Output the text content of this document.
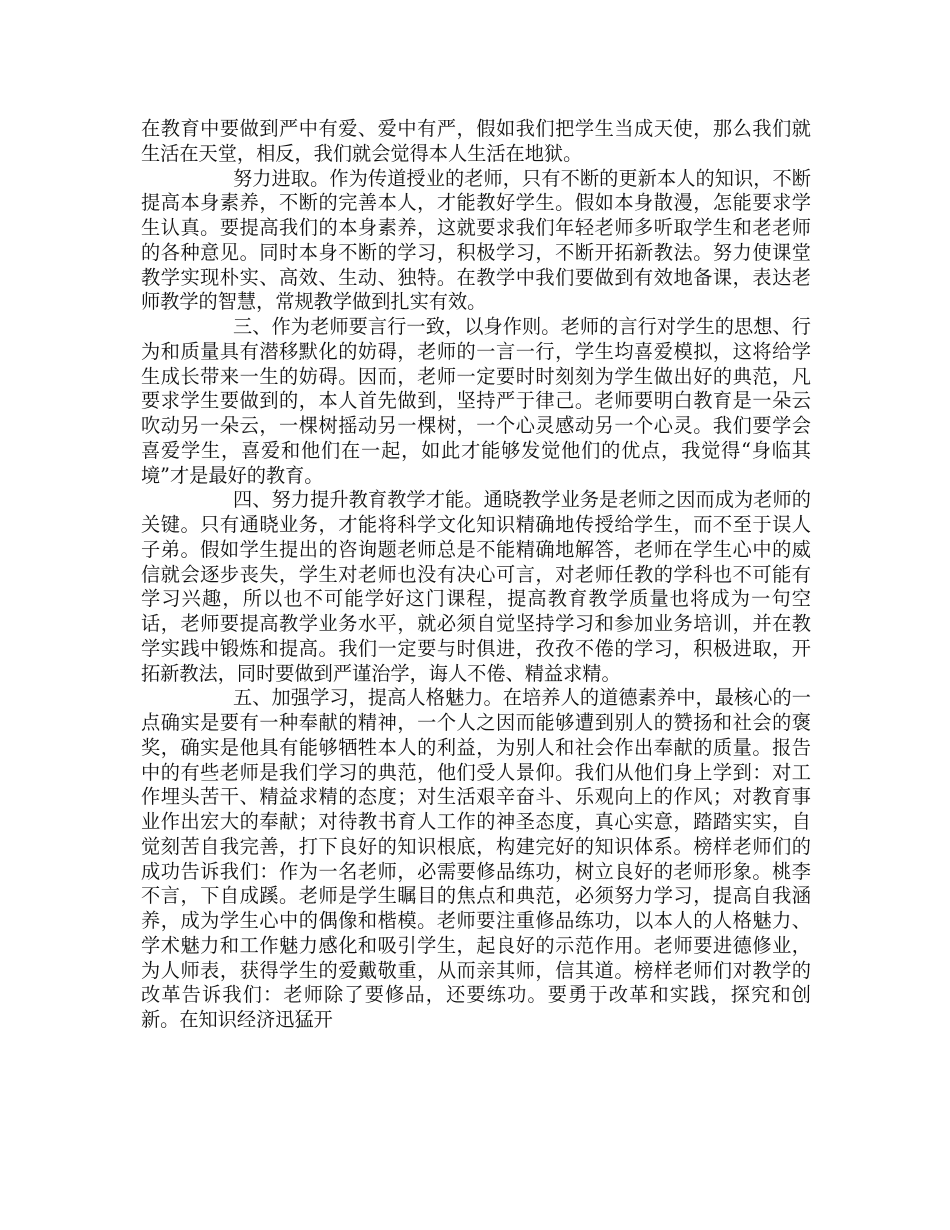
在教育中要做到严中有爱、爱中有严，假如我们把学生当成天使，那么我们就生活在天堂，相反，我们就会觉得本人生活在地狱。

努力进取。作为传道授业的老师，只有不断的更新本人的知识，不断提高本身素养，不断的完善本人，才能教好学生。假如本身散漫，怎能要求学生认真。要提高我们的本身素养，这就要求我们年轻老师多听取学生和老老师的各种意见。同时本身不断的学习，积极学习，不断开拓新教法。努力使课堂教学实现朴实、高效、生动、独特。在教学中我们要做到有效地备课，表达老师教学的智慧，常规教学做到扎实有效。

三、作为老师要言行一致，以身作则。老师的言行对学生的思想、行为和质量具有潜移默化的妨碍，老师的一言一行，学生均喜爱模拟，这将给学生成长带来一生的妨碍。因而，老师一定要时时刻刻为学生做出好的典范，凡要求学生要做到的，本人首先做到，坚持严于律己。老师要明白教育是一朵云吹动另一朵云，一棵树摇动另一棵树，一个心灵感动另一个心灵。我们要学会喜爱学生，喜爱和他们在一起，如此才能够发觉他们的优点，我觉得“身临其境”才是最好的教育。

四、努力提升教育教学才能。通晓教学业务是老师之因而成为老师的关键。只有通晓业务，才能将科学文化知识精确地传授给学生，而不至于误人子弟。假如学生提出的咨询题老师总是不能精确地解答，老师在学生心中的威信就会逐步丧失，学生对老师也没有决心可言，对老师任教的学科也不可能有学习兴趣，所以也不可能学好这门课程，提高教育教学质量也将成为一句空话，老师要提高教学业务水平，就必须自觉坚持学习和参加业务培训，并在教学实践中锻炼和提高。我们一定要与时俱进，孜孜不倦的学习，积极进取，开拓新教法，同时要做到严谨治学，诲人不倦、精益求精。

五、加强学习，提高人格魅力。在培养人的道德素养中，最核心的一点确实是要有一种奉献的精神，一个人之因而能够遭到别人的赞扬和社会的褒奖，确实是他具有能够牺牲本人的利益，为别人和社会作出奉献的质量。报告中的有些老师是我们学习的典范，他们受人景仰。我们从他们身上学到：对工作埋头苦干、精益求精的态度；对生活艰辛奋斗、乐观向上的作风；对教育事业作出宏大的奉献；对待教书育人工作的神圣态度，真心实意，踏踏实实，自觉刻苦自我完善，打下良好的知识根底，构建完好的知识体系。榜样老师们的成功告诉我们：作为一名老师，必需要修品练功，树立良好的老师形象。桃李不言，下自成蹊。老师是学生瞩目的焦点和典范，必须努力学习，提高自我涵养，成为学生心中的偶像和楷模。老师要注重修品练功，以本人的人格魅力、学术魅力和工作魅力感化和吸引学生，起良好的示范作用。老师要进德修业，为人师表，获得学生的爱戴敬重，从而亲其师，信其道。榜样老师们对教学的改革告诉我们：老师除了要修品，还要练功。要勇于改革和实践，探究和创新。在知识经济迅猛开
